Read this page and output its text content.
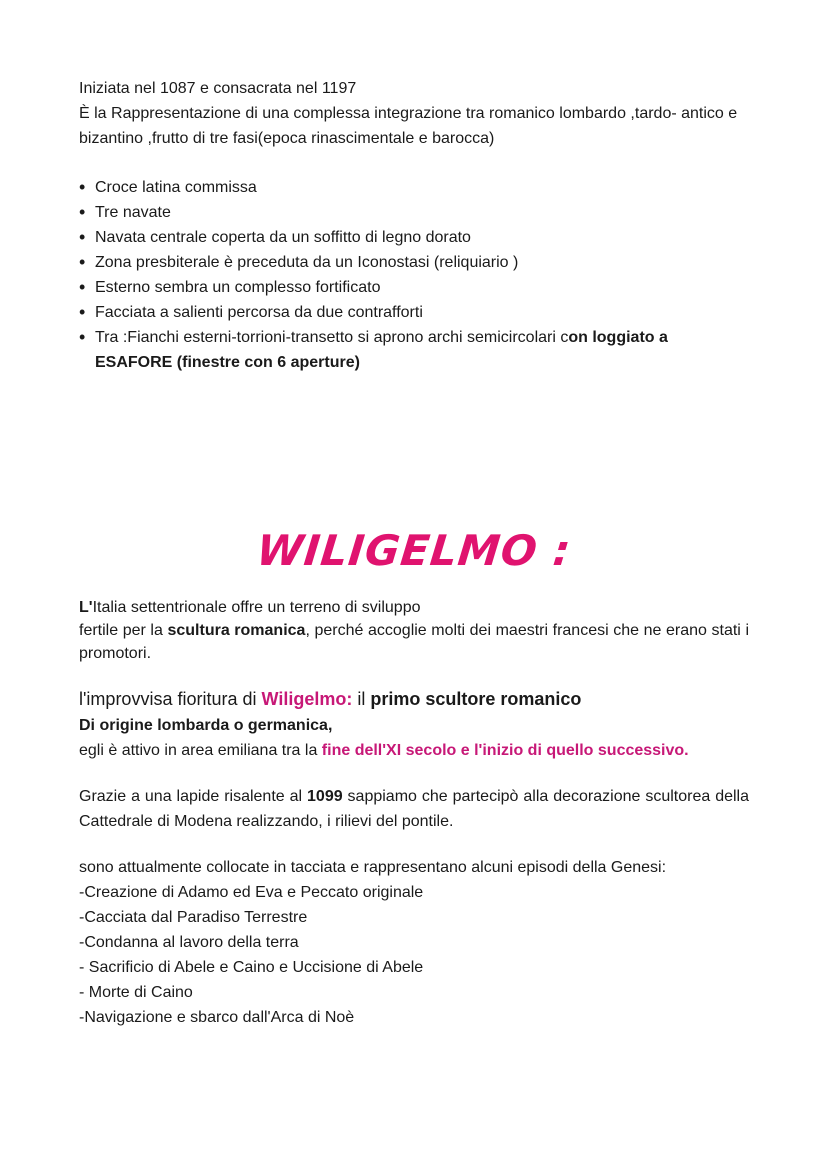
Iniziata nel 1087 e consacrata nel 1197
È la Rappresentazione di una complessa integrazione tra romanico lombardo ,tardo- antico e bizantino ,frutto di tre fasi(epoca rinascimentale e barocca)

• Croce latina commissa
• Tre navate
• Navata centrale coperta da un soffitto di legno dorato
• Zona presbiterale è preceduta da un Iconostasi (reliquiario )
• Esterno sembra un complesso fortificato
• Facciata a salienti percorsa da due contrafforti
• Tra :Fianchi esterni-torrioni-transetto si aprono archi semicircolari con loggiato a ESAFORE (finestre con 6 aperture)
WILIGELMO :

L'Italia settentrionale offre un terreno di sviluppo
fertile per la scultura romanica, perché accoglie molti dei maestri francesi che ne erano stati i promotori.

l'improvvisa fioritura di Wiligelmo: il primo scultore romanico
Di origine lombarda o germanica,
egli è attivo in area emiliana tra la fine dell'XI secolo e l'inizio di quello successivo.

Grazie a una lapide risalente al 1099 sappiamo che partecipò alla decorazione scultorea della Cattedrale di Modena realizzando, i rilievi del pontile.

sono attualmente collocate in tacciata e rappresentano alcuni episodi della Genesi:
-Creazione di Adamo ed Eva e Peccato originale
-Cacciata dal Paradiso Terrestre
-Condanna al lavoro della terra
- Sacrificio di Abele e Caino e Uccisione di Abele
- Morte di Caino
-Navigazione e sbarco dall'Arca di Noè
